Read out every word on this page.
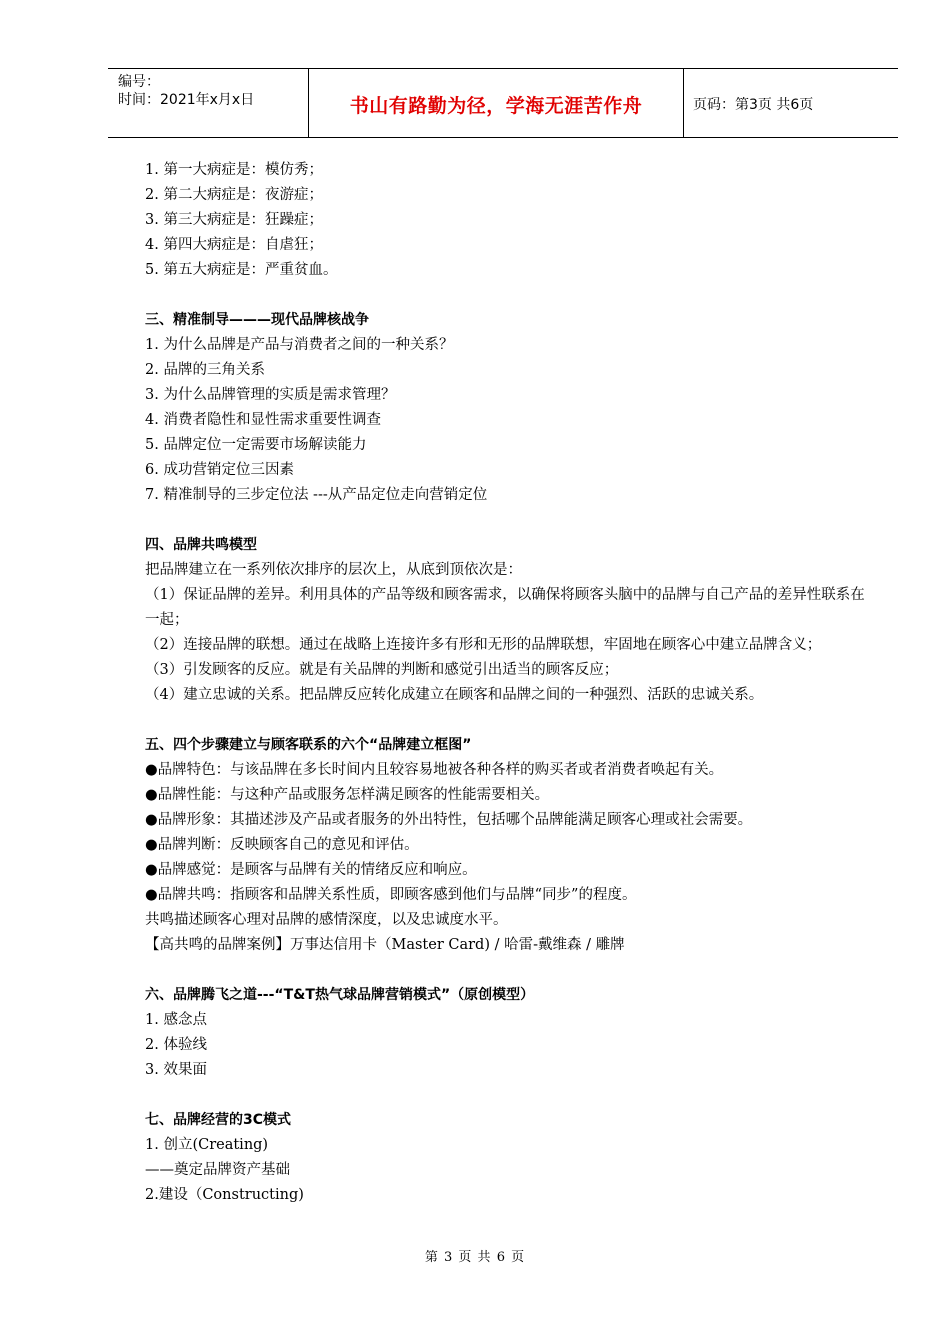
编号：
时间：2021年x月x日	书山有路勤为径，学海无涯苦作舟	页码：第3页 共6页
1. 第一大病症是：模仿秀；
2. 第二大病症是：夜游症；
3. 第三大病症是：狂躁症；
4. 第四大病症是：自虐狂；
5. 第五大病症是：严重贫血。
三、精准制导———现代品牌核战争
1. 为什么品牌是产品与消费者之间的一种关系？
2. 品牌的三角关系
3. 为什么品牌管理的实质是需求管理？
4. 消费者隐性和显性需求重要性调查
5. 品牌定位一定需要市场解读能力
6. 成功营销定位三因素
7. 精准制导的三步定位法 ---从产品定位走向营销定位
四、品牌共鸣模型
把品牌建立在一系列依次排序的层次上，从底到顶依次是：
（1）保证品牌的差异。利用具体的产品等级和顾客需求，以确保将顾客头脑中的品牌与自己产品的差异性联系在一起；
（2）连接品牌的联想。通过在战略上连接许多有形和无形的品牌联想，牢固地在顾客心中建立品牌含义；
（3）引发顾客的反应。就是有关品牌的判断和感觉引出适当的顾客反应；
（4）建立忠诚的关系。把品牌反应转化成建立在顾客和品牌之间的一种强烈、活跃的忠诚关系。
五、四个步骤建立与顾客联系的六个“品牌建立框图”
●品牌特色：与该品牌在多长时间内且较容易地被各种各样的购买者或者消费者唤起有关。
●品牌性能：与这种产品或服务怎样满足顾客的性能需要相关。
●品牌形象：其描述涉及产品或者服务的外出特性，包括哪个品牌能满足顾客心理或社会需要。
●品牌判断：反映顾客自己的意见和评估。
●品牌感觉：是顾客与品牌有关的情绪反应和响应。
●品牌共鸣：指顾客和品牌关系性质，即顾客感到他们与品牌“同步”的程度。
共鸣描述顾客心理对品牌的感情深度，以及忠诚度水平。
【高共鸣的品牌案例】万事达信用卡（Master Card) / 哈雷-戴维森 / 雕牌
六、品牌腾飞之道---“T&T热气球品牌营销模式”（原创模型）
1. 感念点
2. 体验线
3. 效果面
七、品牌经营的3C模式
1. 创立(Creating)
——奠定品牌资产基础
2.建设（Constructing)
第 3 页 共 6 页
